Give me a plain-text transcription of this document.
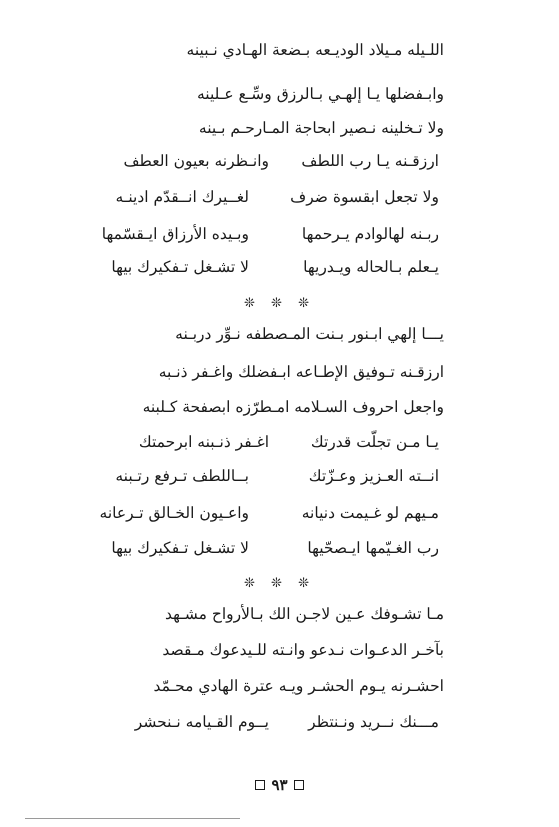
اللـيله مـيلاد الوديـعه بـضعة الهـادي نـبينه
وابـفضلها يـا إلهـي بـالرزق وسِّـع عـلينه
ولا تـخلينه نـصير ابحاجة المـارحـم بـينه
ارزقـنه يـا رب اللطف
وانـظرنه بعيون العطف
ولا تجعل ابقسوة ضرف
لغــيرك انــقدّم ادينـه
ربـنه لهالوادم يـرحمها
وبـيده الأرزاق ايـقسّمها
يـعلم بـالحاله ويـدريها
لا تشـغل تـفكيرك بيها
❊ ❊ ❊
يـــا إلهي ابـنور بـنت المـصطفه نـوِّر دربـنه
ارزقـنه تـوفيق الإطـاعه ابـفضلك واغـفر ذنـبه
واجعل احروف السـلامه امـطرّزه ابصفحة كـلبنه
يـا مـن تجلّت قدرتك
اغـفر ذنـبنه ابرحمتك
انــته العـزيز وعـزّتك
بــاللطف تـرفع رتـبنه
مـيهم لو غـيمت دنيانه
واعـيون الخـالق تـرعانه
رب الغـيّمها ايـصحّيها
لا تشـغل تـفكيرك بيها
❊ ❊ ❊
مـا تشـوفك عـين لاجـن الك بـالأرواح مشـهد
بآخـر الدعـوات نـدعو وانـته للـيدعوك مـقصد
احشـرنه يـوم الحشـر ويـه عترة الهادي محـمّد
مـــنك نــريد ونـنتظر
يــوم القـيامه نـنحشر
٩٣
